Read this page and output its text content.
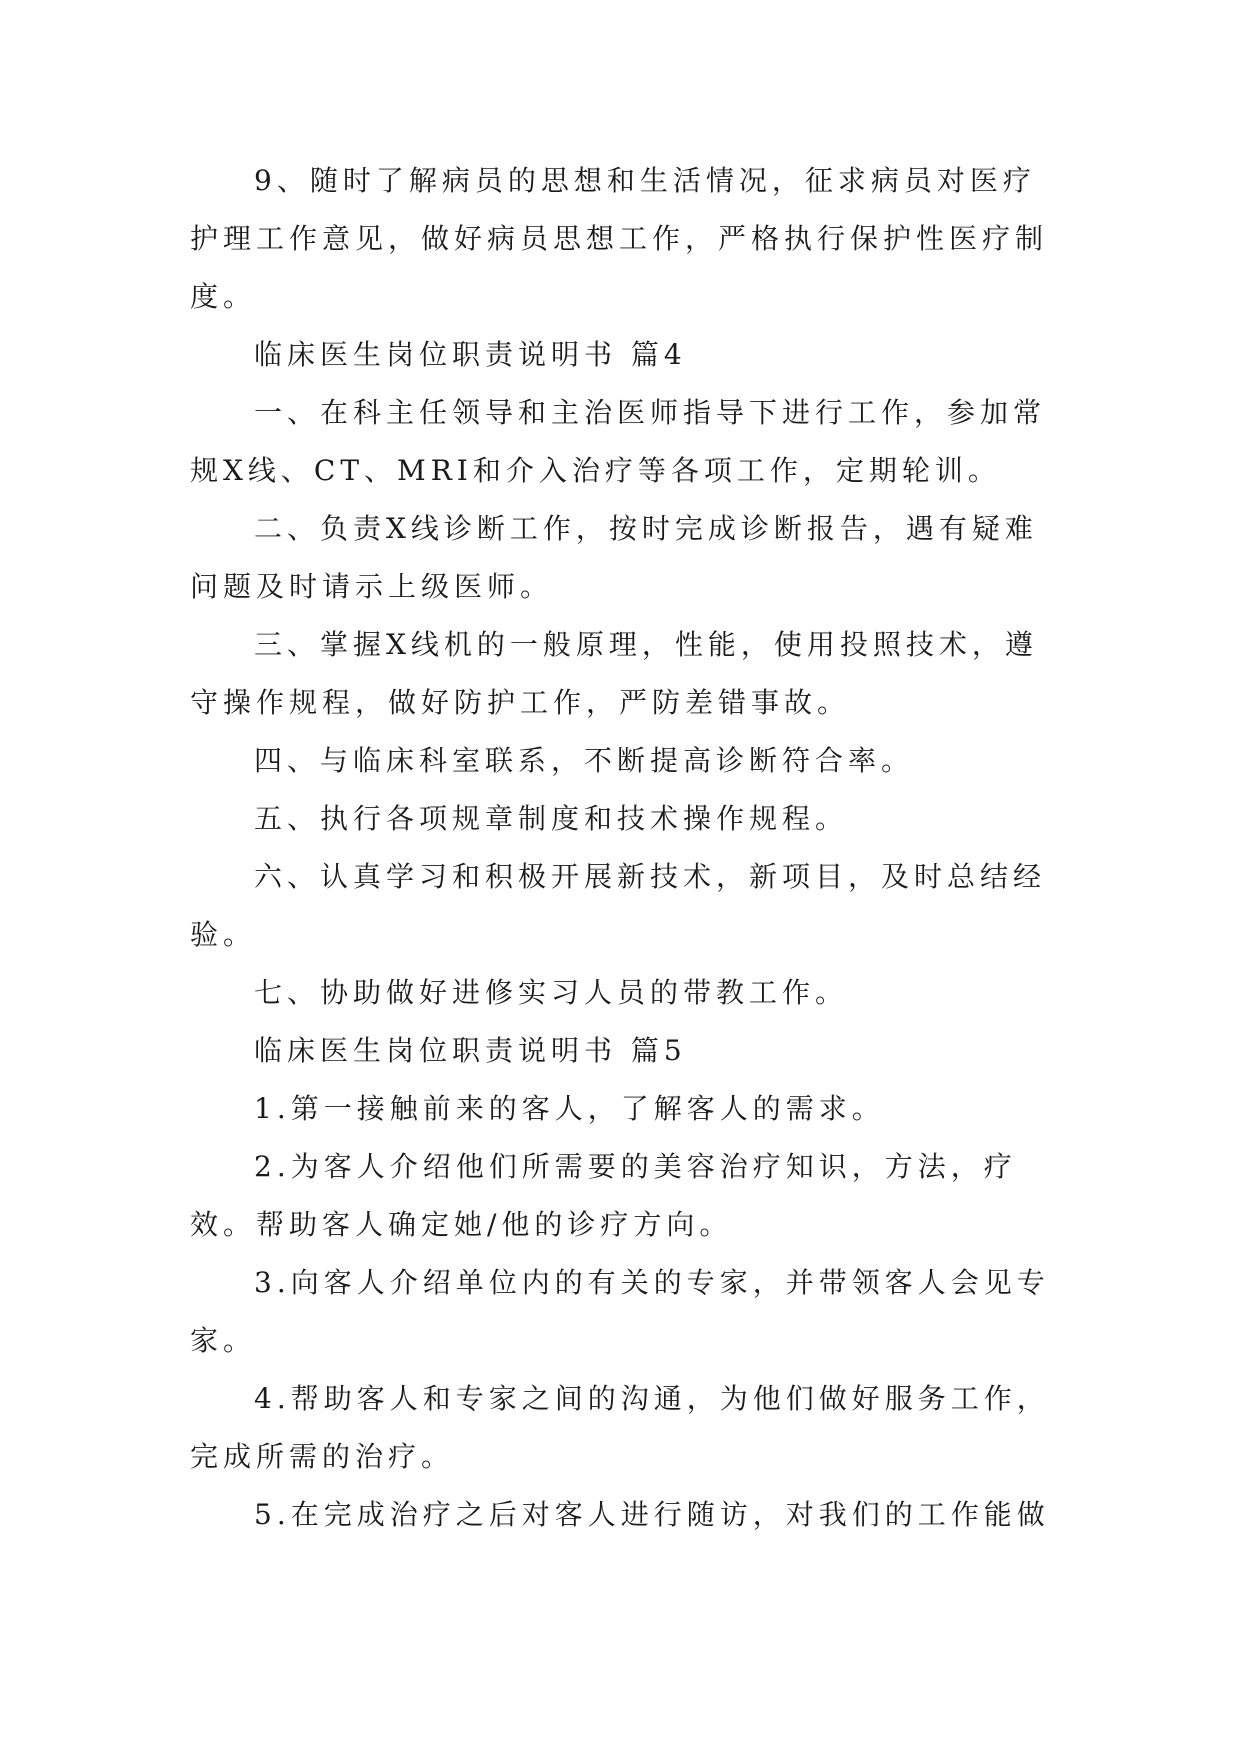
9、随时了解病员的思想和生活情况，征求病员对医疗护理工作意见，做好病员思想工作，严格执行保护性医疗制度。

临床医生岗位职责说明书 篇4

一、在科主任领导和主治医师指导下进行工作，参加常规X线、CT、MRI和介入治疗等各项工作，定期轮训。

二、负责X线诊断工作，按时完成诊断报告，遇有疑难问题及时请示上级医师。

三、掌握X线机的一般原理，性能，使用投照技术，遵守操作规程，做好防护工作，严防差错事故。

四、与临床科室联系，不断提高诊断符合率。

五、执行各项规章制度和技术操作规程。

六、认真学习和积极开展新技术，新项目，及时总结经验。

七、协助做好进修实习人员的带教工作。

临床医生岗位职责说明书 篇5

1.第一接触前来的客人，了解客人的需求。

2.为客人介绍他们所需要的美容治疗知识，方法，疗效。帮助客人确定她/他的诊疗方向。

3.向客人介绍单位内的有关的专家，并带领客人会见专家。

4.帮助客人和专家之间的沟通，为他们做好服务工作，完成所需的治疗。

5.在完成治疗之后对客人进行随访，对我们的工作能做
